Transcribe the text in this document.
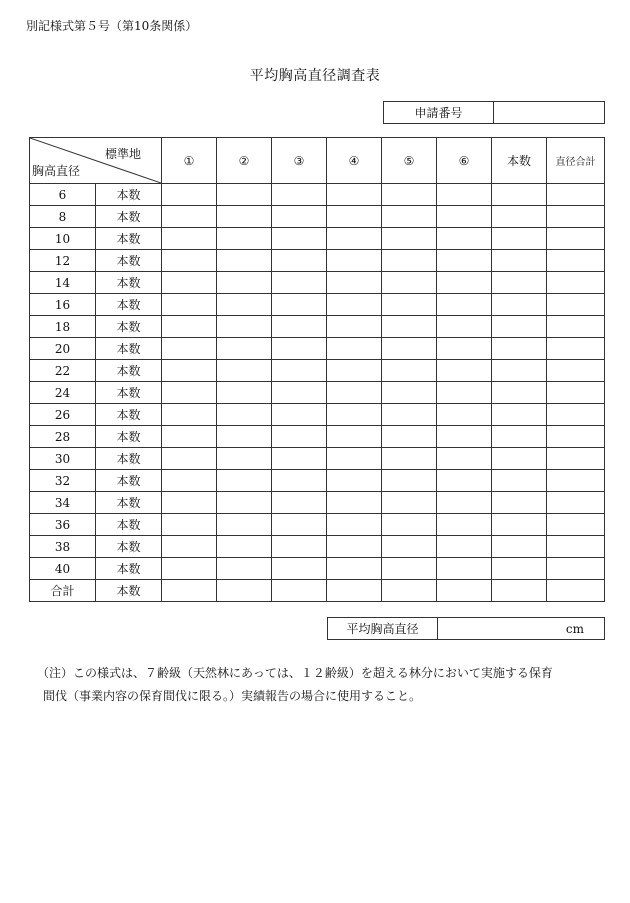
別記様式第５号（第10条関係）
平均胸高直径調査表
申請番号	
標準地
胸高直径		①	②	③	④	⑤	⑥	本数	直径合計
6	本数								
8	本数								
10	本数								
12	本数								
14	本数								
16	本数								
18	本数								
20	本数								
22	本数								
24	本数								
26	本数								
28	本数								
30	本数								
32	本数								
34	本数								
36	本数								
38	本数								
40	本数								
合計	本数								
平均胸高直径	cm
（注）この様式は、７齢級（天然林にあっては、１２齢級）を超える林分において実施する保育
間伐（事業内容の保育間伐に限る。）実績報告の場合に使用すること。
